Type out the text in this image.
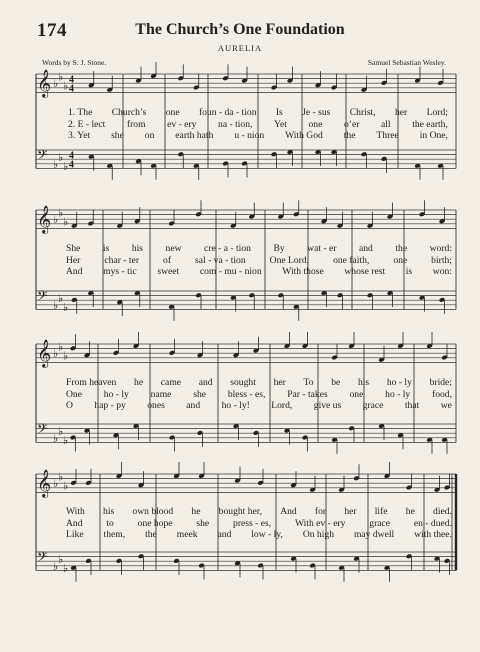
174	The Church’s One Foundation
AURELIA
Words by S. J. Stone.	Samuel Sebastian Wesley.
𝄞 ♭
♭
♭ 4
4
𝄢 ♭
♭
♭
4
4
𝄞 ♭
♭
♭
𝄢 ♭
♭
♭
𝄞 ♭
♭
♭
𝄢 ♭
♭
♭
𝄞 ♭
♭
♭
𝄢 ♭
♭
♭
1. The Church’s one foun - da - tion Is Je - sus Christ, her Lord;
2. E - lect from ev - ery na - tion, Yet one o’er all the earth,
3. Yet she on earth hath u - nion With God the Three in One,
She is his new cre - a - tion By wat - er and the word:
Her	char - ter	of	sal - va - tion	One Lord,	one faith,	one	birth;
And mys - tic sweet com - mu - nion With those whose rest is won:
From heaven he came and sought her To be his ho - ly bride;
One ho - ly name she bless - es, Par - takes one ho - ly food,
O hap - py ones and ho - ly! Lord, give us grace that we
With his own blood he bought her, And for her life he died.
And to one hope she press - es, With ev - ery grace en - dued.
Like them, the meek and low - ly, On high may dwell with thee.
